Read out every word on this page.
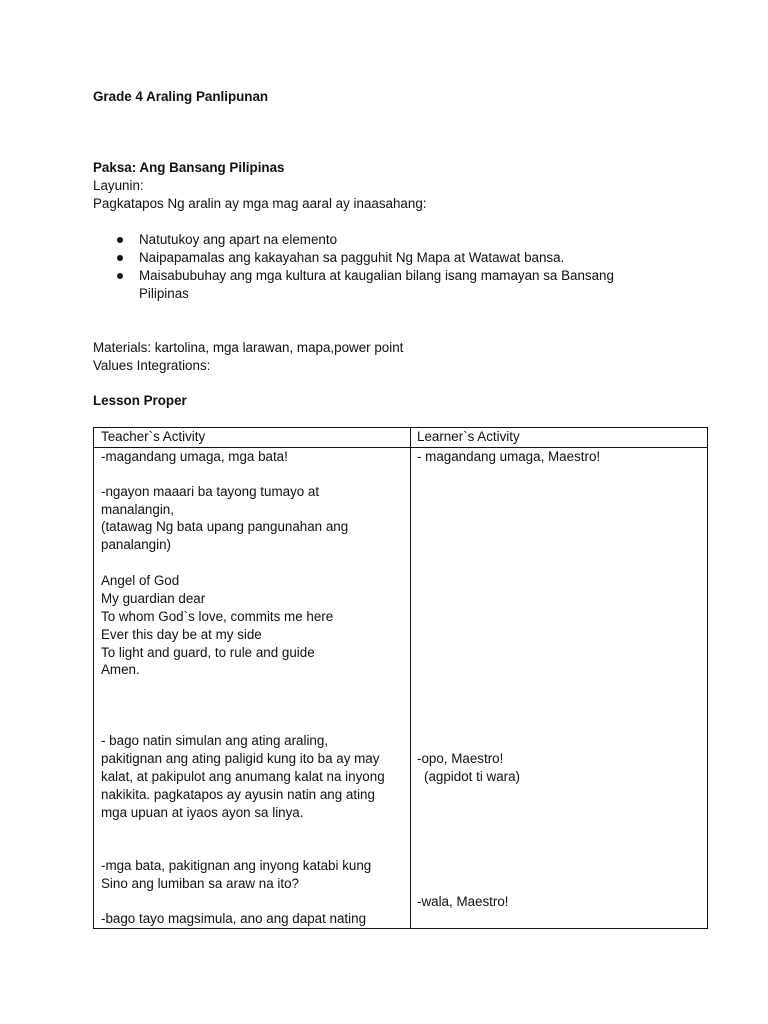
Grade 4 Araling Panlipunan
Paksa: Ang Bansang Pilipinas
Layunin:
Pagkatapos Ng aralin ay mga mag aaral ay inaasahang:
Natutukoy ang apart na elemento
Naipapamalas ang kakayahan sa pagguhit Ng Mapa at Watawat bansa.
Maisabubuhay ang mga kultura at kaugalian bilang isang mamayan sa Bansang
Pilipinas
Materials: kartolina, mga larawan, mapa,power point
Values Integrations:
Lesson Proper
Teacher`s Activity	Learner`s Activity
-magandang umaga, mga bata!
-ngayon maaari ba tayong tumayo at
manalangin,
(tatawag Ng bata upang pangunahan ang
panalangin)
Angel of God
My guardian dear
To whom God`s love, commits me here
Ever this day be at my side
To light and guard, to rule and guide
Amen.
- bago natin simulan ang ating araling,
pakitignan ang ating paligid kung ito ba ay may
kalat, at pakipulot ang anumang kalat na inyong
nakikita. pagkatapos ay ayusin natin ang ating
mga upuan at iyaos ayon sa linya.
-mga bata, pakitignan ang inyong katabi kung
Sino ang lumiban sa araw na ito?
-bago tayo magsimula, ano ang dapat nating
- magandang umaga, Maestro!
-opo, Maestro!
(agpidot ti wara)
-wala, Maestro!
